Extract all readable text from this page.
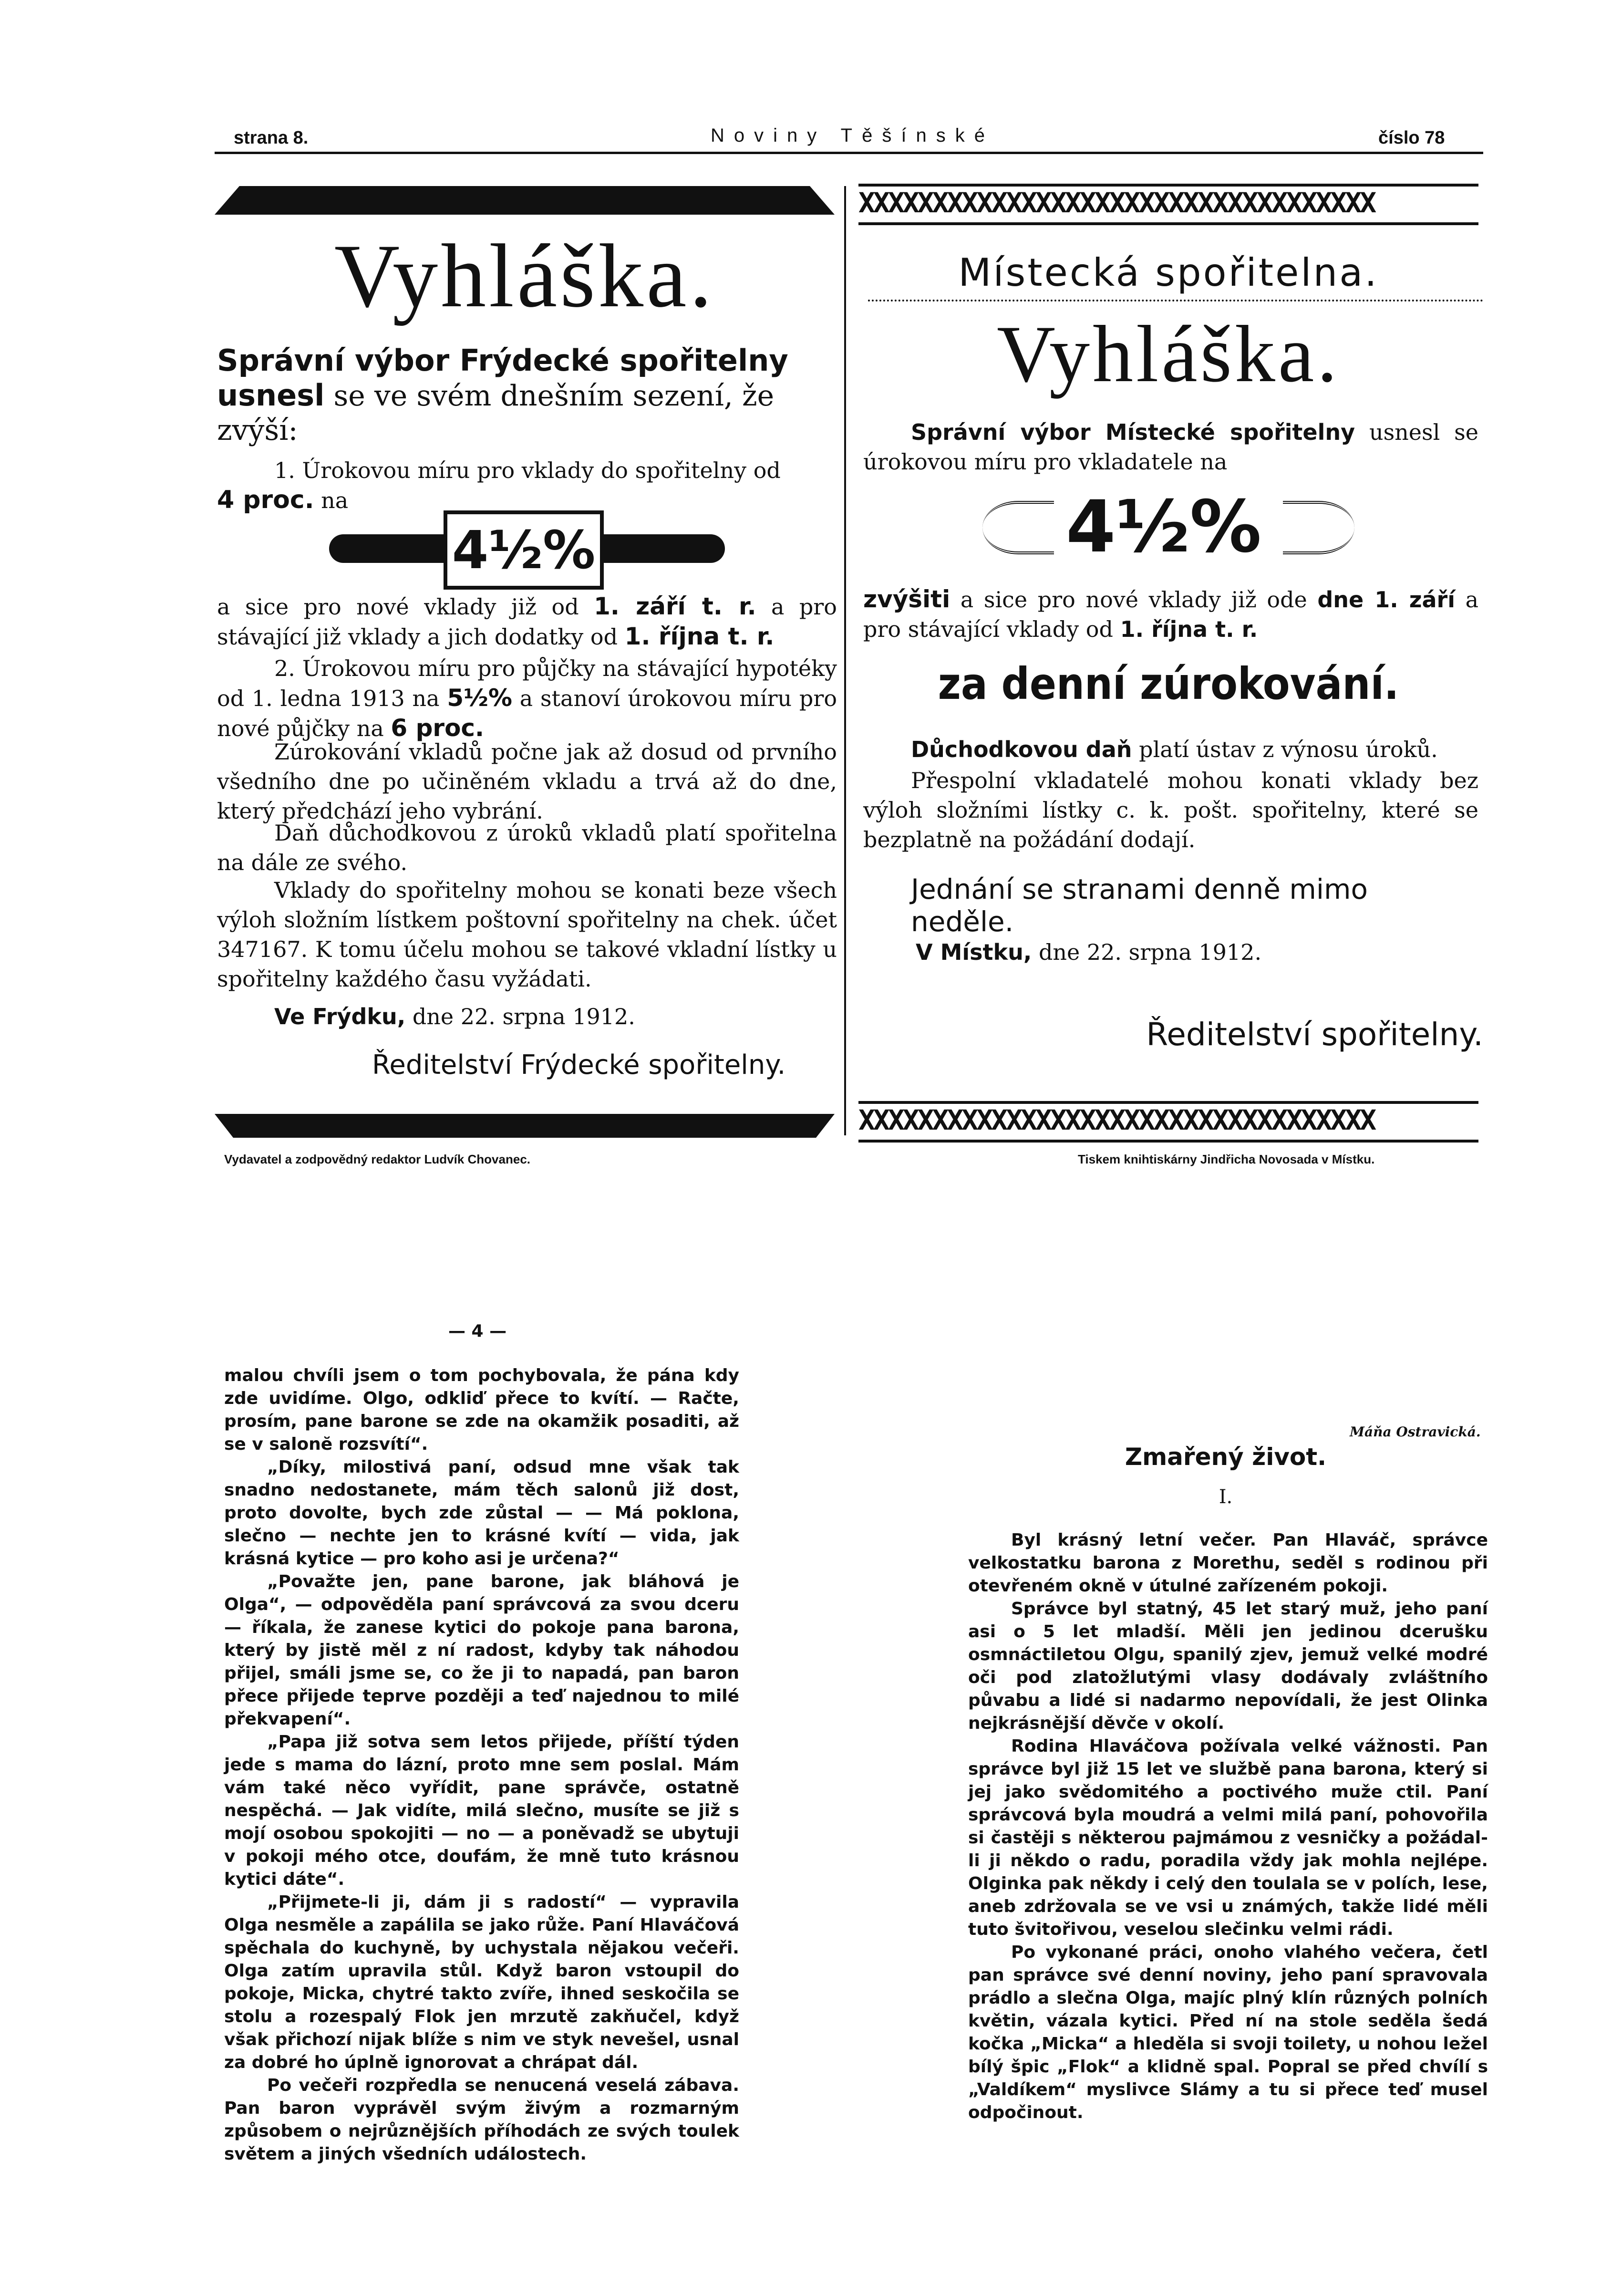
strana 8.	Noviny Těšínské	číslo 78
Vyhláška.
Správní výbor Frýdecké spořitelny usnesl se ve svém dnešním sezení, že zvýší:
1. Úrokovou míru pro vklady do spořitelny od
4 proc. na
4½%
a sice pro nové vklady již od 1. září t. r. a pro stávající již vklady a jich dodatky od 1. října t. r.
2. Úrokovou míru pro půjčky na stávající hypotéky od 1. ledna 1913 na 5½% a stanoví úrokovou míru pro nové půjčky na 6 proc.
Zúrokování vkladů počne jak až dosud od prvního všedního dne po učiněném vkladu a trvá až do dne, který předchází jeho vybrání.
Daň důchodkovou z úroků vkladů platí spořitelna na dále ze svého.
Vklady do spořitelny mohou se konati beze všech výloh složním lístkem poštovní spořitelny na chek. účet 347167. K tomu účelu mohou se takové vkladní lístky u spořitelny každého času vyžádati.
Ve Frýdku, dne 22. srpna 1912.
Ředitelství Frýdecké spořitelny.
XXXXXXXXXXXXXXXXXXXXXXXXXXXXXXXXXXX
Místecká spořitelna.
Vyhláška.
Správní výbor Místecké spořitelny usnesl se úrokovou míru pro vkladatele na
4½%
zvýšiti a sice pro nové vklady již ode dne 1. září a pro stávající vklady od 1. října t. r.
za denní zúrokování.
Důchodkovou daň platí ústav z výnosu úroků.
Přespolní vkladatelé mohou konati vklady bez výloh složními lístky c. k. pošt. spořitelny, které se bezplatně na požádání dodají.
Jednání se stranami denně mimo neděle.
V Místku, dne 22. srpna 1912.
Ředitelství spořitelny.
XXXXXXXXXXXXXXXXXXXXXXXXXXXXXXXXXXX
Vydavatel a zodpovědný redaktor Ludvík Chovanec.	Tiskem knihtiskárny Jindřicha Novosada v Místku.
— 4 —

malou chvíli jsem o tom pochybovala, že pána kdy zde uvidíme. Olgo, odkliď přece to kvítí. — Račte, prosím, pane barone se zde na okamžik posaditi, až se v salonĕ rozsvítí“.

„Díky, milostivá paní, odsud mne však tak snadno nedostanete, mám těch salonů již dost, proto dovolte, bych zde zůstal — — Má poklona, slečno — nechte jen to krásné kvítí — vida, jak krásná kytice — pro koho asi je určena?“

„Považte jen, pane barone, jak bláhová je Olga“, — odpověděla paní správcová za svou dceru — říkala, že zanese kytici do pokoje pana barona, který by jistě měl z ní radost, kdyby tak náhodou přijel, smáli jsme se, co že ji to napadá, pan baron přece přijede teprve později a teď najednou to milé překvapení“.

„Papa již sotva sem letos přijede, příští týden jede s mama do lázní, proto mne sem poslal. Mám vám také něco vyřídit, pane správče, ostatně nespěchá. — Jak vidíte, milá slečno, musíte se již s mojí osobou spokojiti — no — a poněvadž se ubytuji v pokoji mého otce, doufám, že mně tuto krásnou kytici dáte“.

„Přijmete-li ji, dám ji s radostí“ — vypravila Olga nesměle a zapálila se jako růže. Paní Hlaváčová spěchala do kuchyně, by uchystala nějakou večeři. Olga zatím upravila stůl. Když baron vstoupil do pokoje, Micka, chytré takto zvíře, ihned seskočila se stolu a rozespalý Flok jen mrzutě zakňučel, když však přichozí nijak blíže s nim ve styk nevešel, usnal za dobré ho úplně ignorovat a chrápat dál.

Po večeři rozpředla se nenucená veselá zábava. Pan baron vyprávěl svým živým a rozmarným způsobem o nejrůznějších příhodách ze svých toulek světem a jiných všedních událostech.

Máňa Ostravická.
Zmařený život.
I.

Byl krásný letní večer. Pan Hlaváč, správce velkostatku barona z Morethu, seděl s rodinou při otevřeném okně v útulné zařízeném pokoji.

Správce byl statný, 45 let starý muž, jeho paní asi o 5 let mladší. Měli jen jedinou dcerušku osmnáctiletou Olgu, spanilý zjev, jemuž velké modré oči pod zlatožlutými vlasy dodávaly zvláštního půvabu a lidé si nadarmo nepovídali, že jest Olinka nejkrásnější děvče v okolí.

Rodina Hlaváčova požívala velké vážnosti. Pan správce byl již 15 let ve službě pana barona, který si jej jako svědomitého a poctivého muže ctil. Paní správcová byla moudrá a velmi milá paní, pohovořila si častěji s některou pajmámou z vesničky a požádal-li ji někdo o radu, poradila vždy jak mohla nejlépe. Olginka pak někdy i celý den toulala se v polích, lese, aneb zdržovala se ve vsi u známých, takže lidé měli tuto švitořivou, veselou slečinku velmi rádi.

Po vykonané práci, onoho vlahého večera, četl pan správce své denní noviny, jeho paní spravovala prádlo a slečna Olga, majíc plný klín různých polních květin, vázala kytici. Před ní na stole seděla šedá kočka „Micka“ a hleděla si svoji toilety, u nohou ležel bílý špic „Flok“ a klidně spal. Popral se před chvílí s „Valdíkem“ myslivce Slámy a tu si přece teď musel odpočinout.
